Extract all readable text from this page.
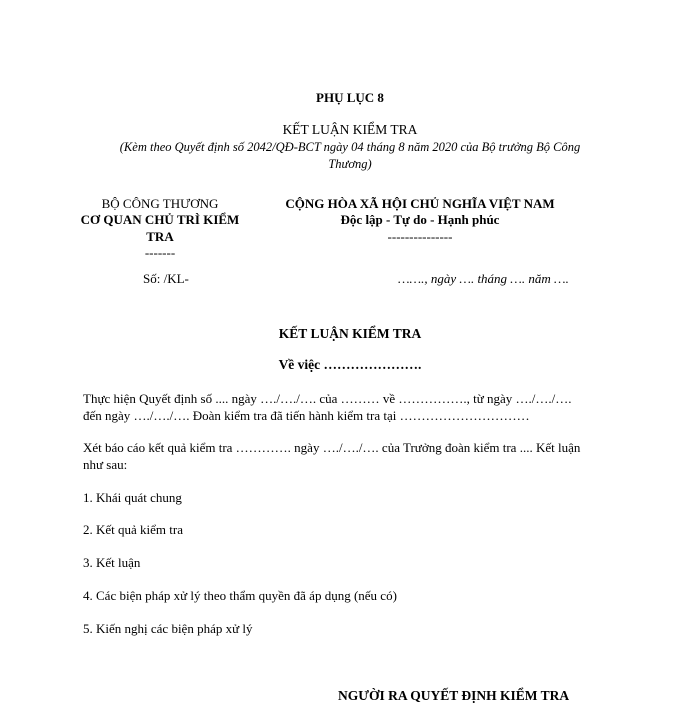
PHỤ LỤC 8
KẾT LUẬN KIỂM TRA
(Kèm theo Quyết định số 2042/QĐ-BCT ngày 04 tháng 8 năm 2020 của Bộ trưởng Bộ Công
Thương)
BỘ CÔNG THƯƠNG
CƠ QUAN CHỦ TRÌ KIỂM
TRA
-------
CỘNG HÒA XÃ HỘI CHỦ NGHĨA VIỆT NAM
Độc lập - Tự do - Hạnh phúc
---------------
Số: /KL-	……., ngày …. tháng …. năm ….
KẾT LUẬN KIỂM TRA
Về việc ………………….
Thực hiện Quyết định số .... ngày …./…./…. của ……… về ……………., từ ngày …./…./….
đến ngày …./…./…. Đoàn kiểm tra đã tiến hành kiểm tra tại …………………………
Xét báo cáo kết quả kiểm tra …………. ngày …./…./…. của Trưởng đoàn kiểm tra .... Kết luận
như sau:
1. Khái quát chung
2. Kết quả kiểm tra
3. Kết luận
4. Các biện pháp xử lý theo thẩm quyền đã áp dụng (nếu có)
5. Kiến nghị các biện pháp xử lý
NGƯỜI RA QUYẾT ĐỊNH KIỂM TRA
